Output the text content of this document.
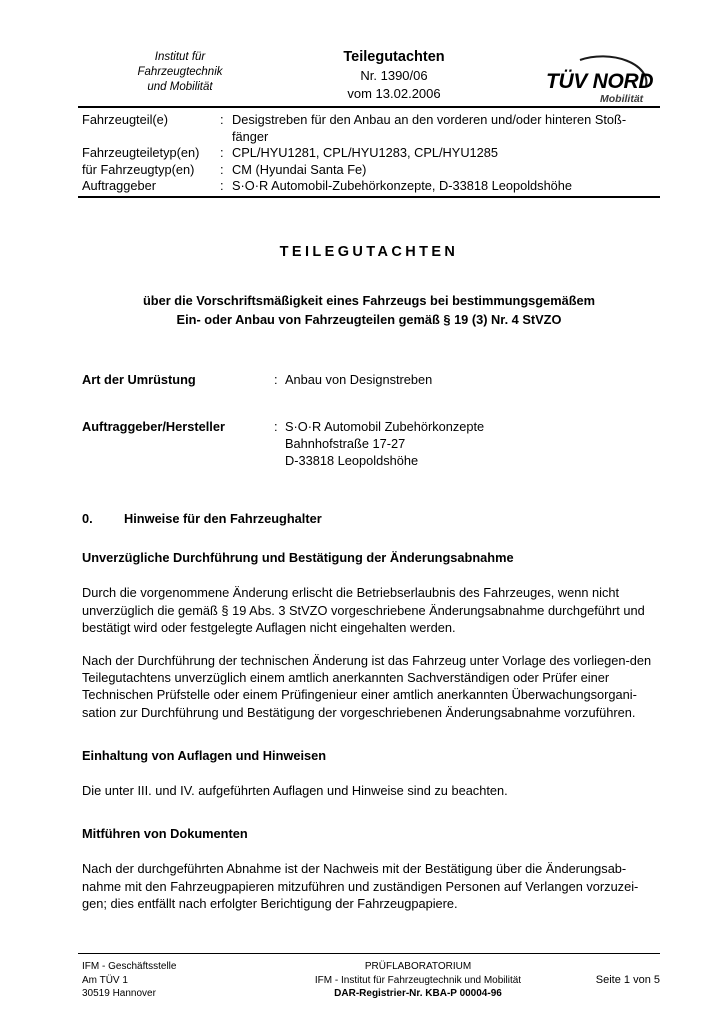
Institut für
Fahrzeugtechnik
und Mobilität
Teilegutachten
Nr. 1390/06
vom 13.02.2006
TÜV NORD
Mobilität
Fahrzeugteil(e)	: Desigstreben für den Anbau an den vorderen und/oder hinteren Stoß-
fänger
Fahrzeugteiletyp(en)	: CPL/HYU1281, CPL/HYU1283, CPL/HYU1285
für Fahrzeugtyp(en)	: CM (Hyundai Santa Fe)
Auftraggeber	: S·O·R Automobil-Zubehörkonzepte, D-33818 Leopoldshöhe
TEILEGUTACHTEN
über die Vorschriftsmäßigkeit eines Fahrzeugs bei bestimmungsgemäßem
Ein- oder Anbau von Fahrzeugteilen gemäß § 19 (3) Nr. 4 StVZO
Art der Umrüstung	: Anbau von Designstreben
Auftraggeber/Hersteller	: S·O·R Automobil Zubehörkonzepte
Bahnhofstraße 17-27
D-33818 Leopoldshöhe
0.	Hinweise für den Fahrzeughalter
Unverzügliche Durchführung und Bestätigung der Änderungsabnahme
Durch die vorgenommene Änderung erlischt die Betriebserlaubnis des Fahrzeuges, wenn nicht unverzüglich die gemäß § 19 Abs. 3 StVZO vorgeschriebene Änderungsabnahme durchgeführt und bestätigt wird oder festgelegte Auflagen nicht eingehalten werden.
Nach der Durchführung der technischen Änderung ist das Fahrzeug unter Vorlage des vorliegen-den Teilegutachtens unverzüglich einem amtlich anerkannten Sachverständigen oder Prüfer einer Technischen Prüfstelle oder einem Prüfingenieur einer amtlich anerkannten Überwachungsorgani-sation zur Durchführung und Bestätigung der vorgeschriebenen Änderungsabnahme vorzuführen.
Einhaltung von Auflagen und Hinweisen
Die unter III. und IV. aufgeführten Auflagen und Hinweise sind zu beachten.
Mitführen von Dokumenten
Nach der durchgeführten Abnahme ist der Nachweis mit der Bestätigung über die Änderungsab-nahme mit den Fahrzeugpapieren mitzuführen und zuständigen Personen auf Verlangen vorzuzei-gen; dies entfällt nach erfolgter Berichtigung der Fahrzeugpapiere.
IFM - Geschäftsstelle
Am TÜV 1
30519 Hannover
PRÜFLABORATORIUM
IFM - Institut für Fahrzeugtechnik und Mobilität
DAR-Registrier-Nr. KBA-P 00004-96
Seite 1 von 5
